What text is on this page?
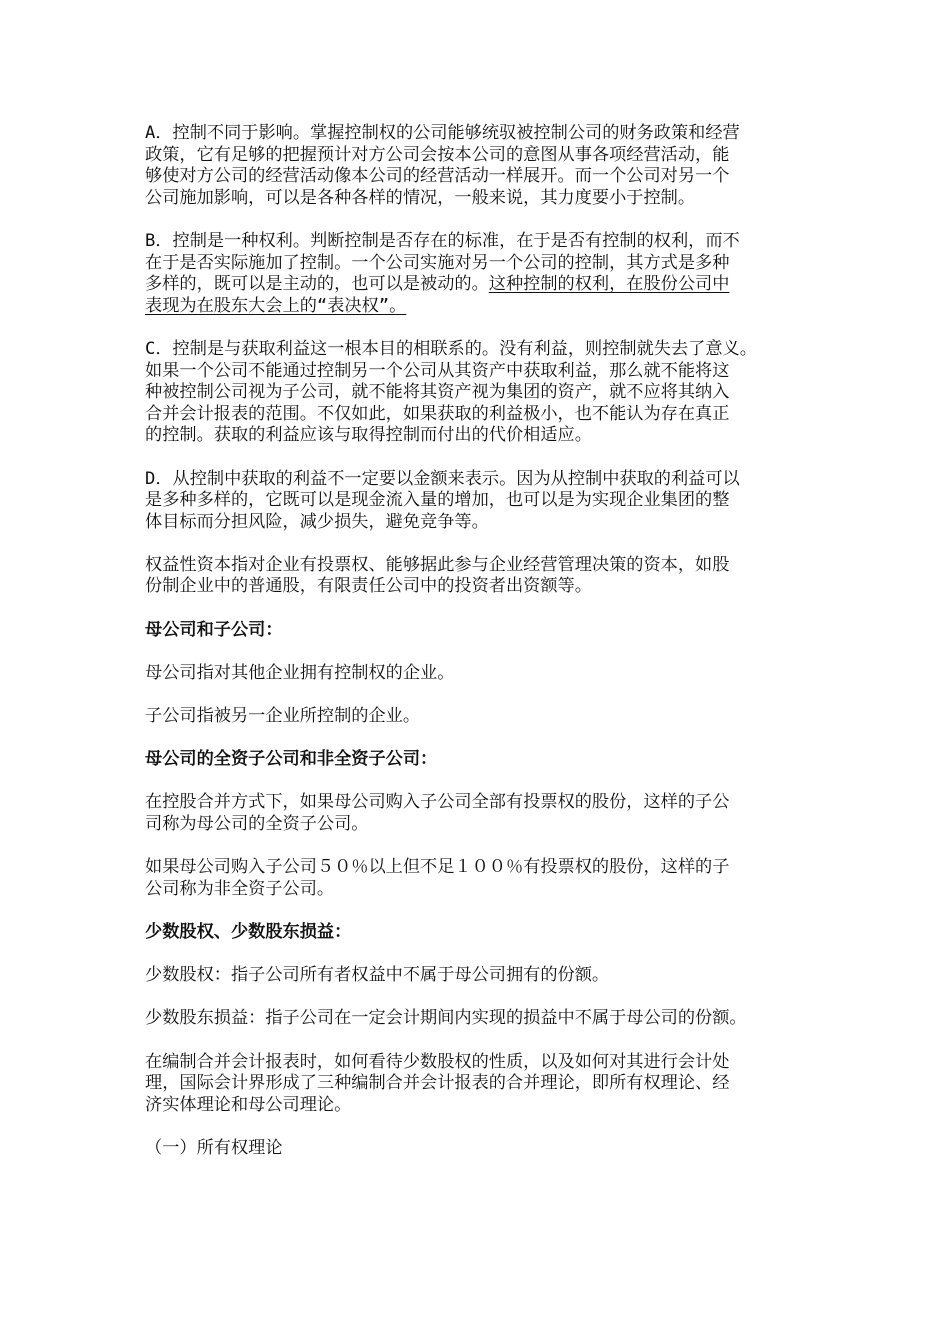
A．控制不同于影响。掌握控制权的公司能够统驭被控制公司的财务政策和经营
政策，它有足够的把握预计对方公司会按本公司的意图从事各项经营活动，能
够使对方公司的经营活动像本公司的经营活动一样展开。而一个公司对另一个
公司施加影响，可以是各种各样的情况，一般来说，其力度要小于控制。

B．控制是一种权利。判断控制是否存在的标准，在于是否有控制的权利，而不
在于是否实际施加了控制。一个公司实施对另一个公司的控制，其方式是多种
多样的，既可以是主动的，也可以是被动的。这种控制的权利，在股份公司中
表现为在股东大会上的“表决权”。

C．控制是与获取利益这一根本目的相联系的。没有利益，则控制就失去了意义。
如果一个公司不能通过控制另一个公司从其资产中获取利益，那么就不能将这
种被控制公司视为子公司，就不能将其资产视为集团的资产，就不应将其纳入
合并会计报表的范围。不仅如此，如果获取的利益极小，也不能认为存在真正
的控制。获取的利益应该与取得控制而付出的代价相适应。

D．从控制中获取的利益不一定要以金额来表示。因为从控制中获取的利益可以
是多种多样的，它既可以是现金流入量的增加，也可以是为实现企业集团的整
体目标而分担风险，减少损失，避免竞争等。

权益性资本指对企业有投票权、能够据此参与企业经营管理决策的资本，如股
份制企业中的普通股，有限责任公司中的投资者出资额等。

母公司和子公司：

母公司指对其他企业拥有控制权的企业。

子公司指被另一企业所控制的企业。

母公司的全资子公司和非全资子公司：

在控股合并方式下，如果母公司购入子公司全部有投票权的股份，这样的子公
司称为母公司的全资子公司。

如果母公司购入子公司５０％以上但不足１００％有投票权的股份，这样的子
公司称为非全资子公司。

少数股权、少数股东损益：

少数股权：指子公司所有者权益中不属于母公司拥有的份额。

少数股东损益：指子公司在一定会计期间内实现的损益中不属于母公司的份额。

在编制合并会计报表时，如何看待少数股权的性质，以及如何对其进行会计处
理，国际会计界形成了三种编制合并会计报表的合并理论，即所有权理论、经
济实体理论和母公司理论。

（一）所有权理论
